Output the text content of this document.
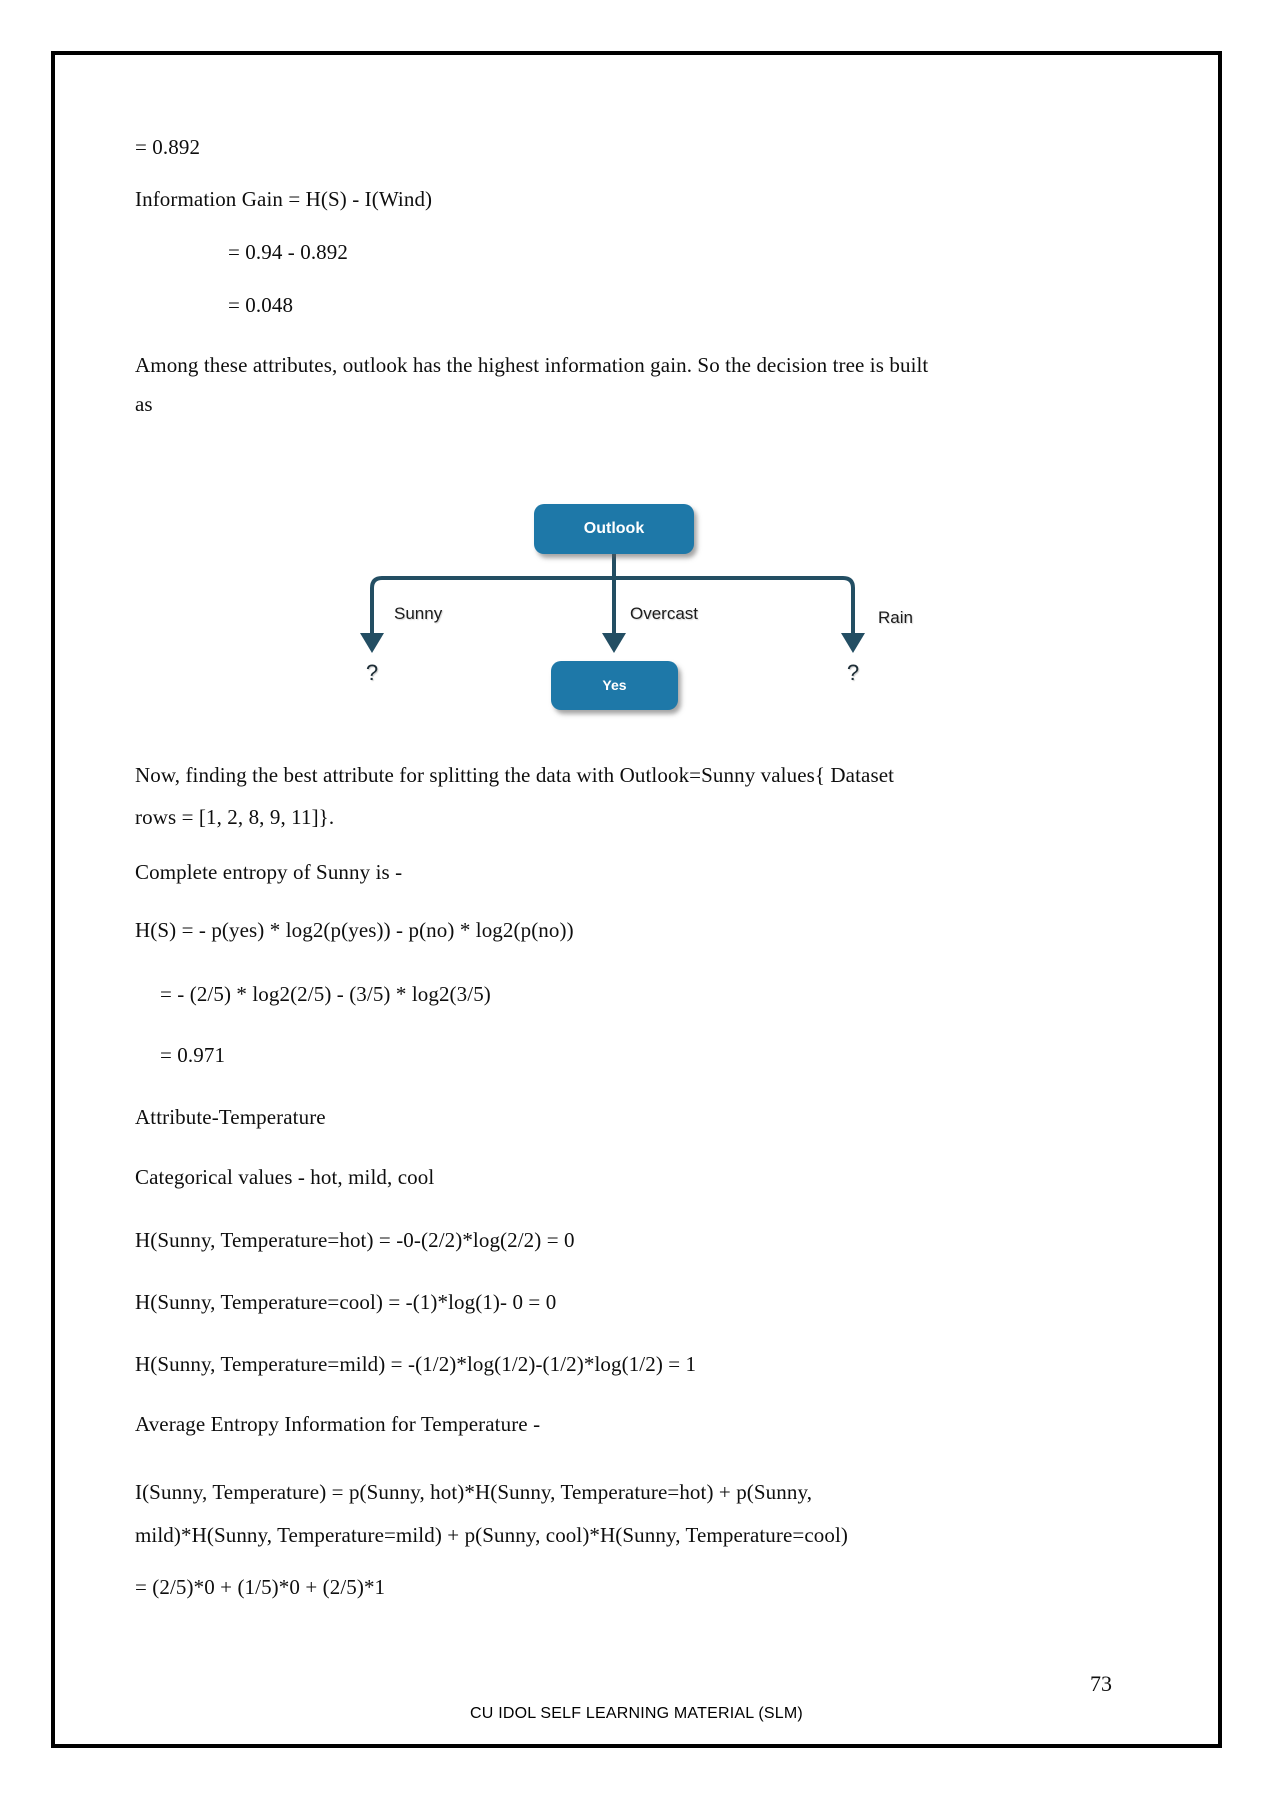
= 0.892
Information Gain = H(S) - I(Wind)
= 0.94 - 0.892
= 0.048
Among these attributes, outlook has the highest information gain. So the decision tree is built
as
Outlook
Sunny	Overcast	Rain
?	Yes	?
Now, finding the best attribute for splitting the data with Outlook=Sunny values{ Dataset
rows = [1, 2, 8, 9, 11]}.
Complete entropy of Sunny is -
H(S) = - p(yes) * log2(p(yes)) - p(no) * log2(p(no))
= - (2/5) * log2(2/5) - (3/5) * log2(3/5)
= 0.971
Attribute-Temperature
Categorical values - hot, mild, cool
H(Sunny, Temperature=hot) = -0-(2/2)*log(2/2) = 0
H(Sunny, Temperature=cool) = -(1)*log(1)- 0 = 0
H(Sunny, Temperature=mild) = -(1/2)*log(1/2)-(1/2)*log(1/2) = 1
Average Entropy Information for Temperature -
I(Sunny, Temperature) = p(Sunny, hot)*H(Sunny, Temperature=hot) + p(Sunny,
mild)*H(Sunny, Temperature=mild) + p(Sunny, cool)*H(Sunny, Temperature=cool)
= (2/5)*0 + (1/5)*0 + (2/5)*1
73
CU IDOL SELF LEARNING MATERIAL (SLM)
